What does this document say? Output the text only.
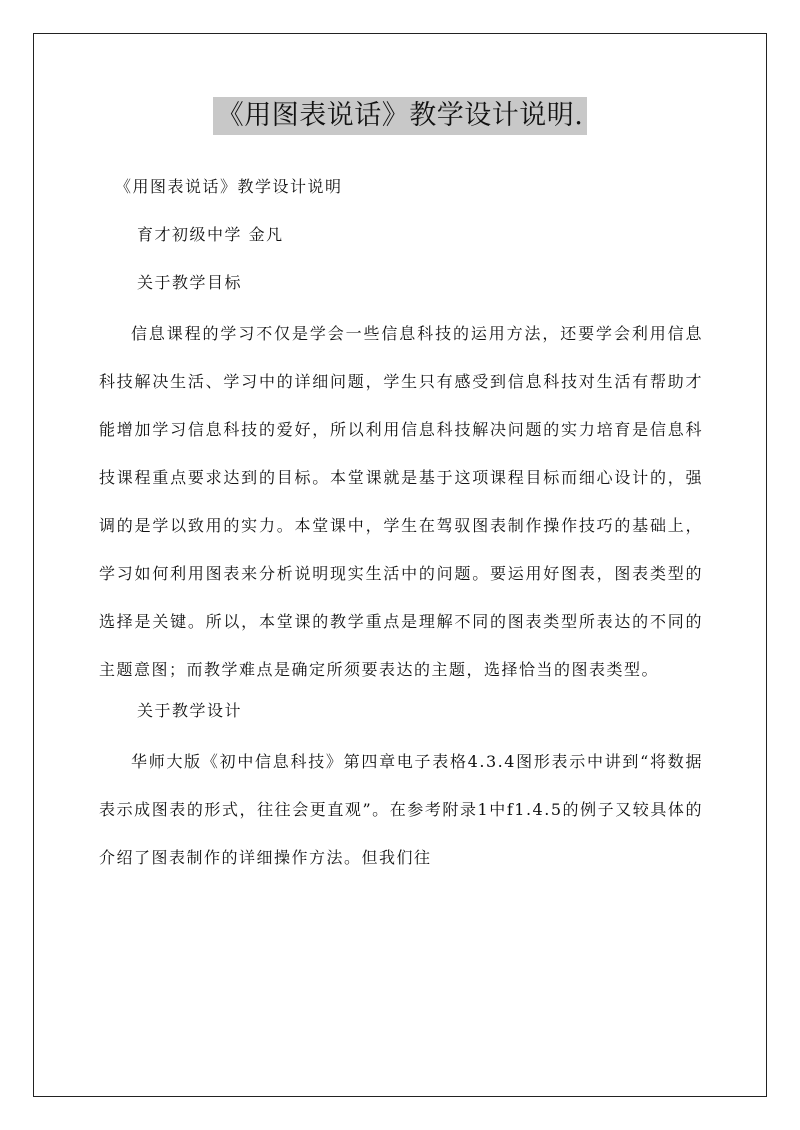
《用图表说话》教学设计说明.
《用图表说话》教学设计说明
育才初级中学 金凡
关于教学目标

信息课程的学习不仅是学会一些信息科技的运用方法，还要学会利用信息科技解决生活、学习中的详细问题，学生只有感受到信息科技对生活有帮助才能增加学习信息科技的爱好，所以利用信息科技解决问题的实力培育是信息科技课程重点要求达到的目标。本堂课就是基于这项课程目标而细心设计的，强调的是学以致用的实力。本堂课中，学生在驾驭图表制作操作技巧的基础上，学习如何利用图表来分析说明现实生活中的问题。要运用好图表，图表类型的选择是关键。所以，本堂课的教学重点是理解不同的图表类型所表达的不同的主题意图；而教学难点是确定所须要表达的主题，选择恰当的图表类型。

关于教学设计

华师大版《初中信息科技》第四章电子表格4.3.4图形表示中讲到“将数据表示成图表的形式，往往会更直观”。在参考附录1中f1.4.5的例子又较具体的介绍了图表制作的详细操作方法。但我们往
